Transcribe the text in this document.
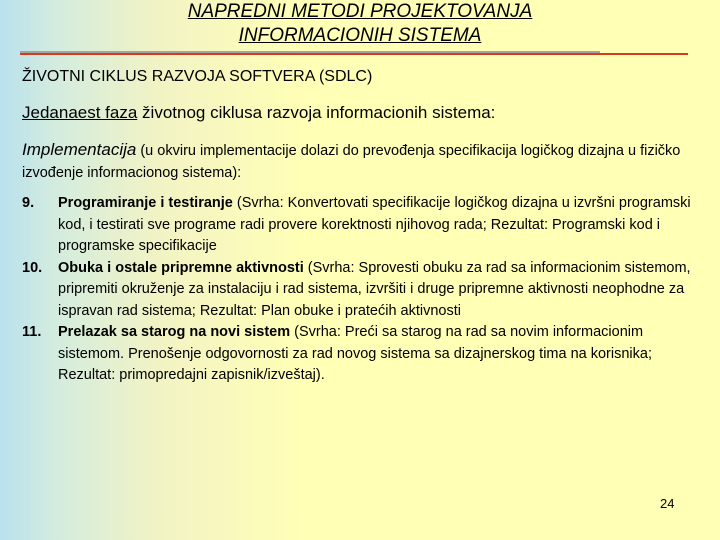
NAPREDNI METODI PROJEKTOVANJA
INFORMACIONIH SISTEMA
ŽIVOTNI CIKLUS RAZVOJA SOFTVERA (SDLC)
Jedanaest faza životnog ciklusa razvoja informacionih sistema:
Implementacija (u okviru implementacije dolazi do prevođenja specifikacija logičkog dizajna u fizičko izvođenje informacionog sistema):

9. Programiranje i testiranje (Svrha: Konvertovati specifikacije logičkog dizajna u izvršni programski kod, i testirati sve programe radi provere korektnosti njihovog rada; Rezultat: Programski kod i programske specifikacije

10. Obuka i ostale pripremne aktivnosti (Svrha: Sprovesti obuku za rad sa informacionim sistemom, pripremiti okruženje za instalaciju i rad sistema, izvršiti i druge pripremne aktivnosti neophodne za ispravan rad sistema; Rezultat: Plan obuke i pratećih aktivnosti

11. Prelazak sa starog na novi sistem (Svrha: Preći sa starog na rad sa novim informacionim sistemom. Prenošenje odgovornosti za rad novog sistema sa dizajnerskog tima na korisnika; Rezultat: primopredajni zapisnik/izveštaj).

24
